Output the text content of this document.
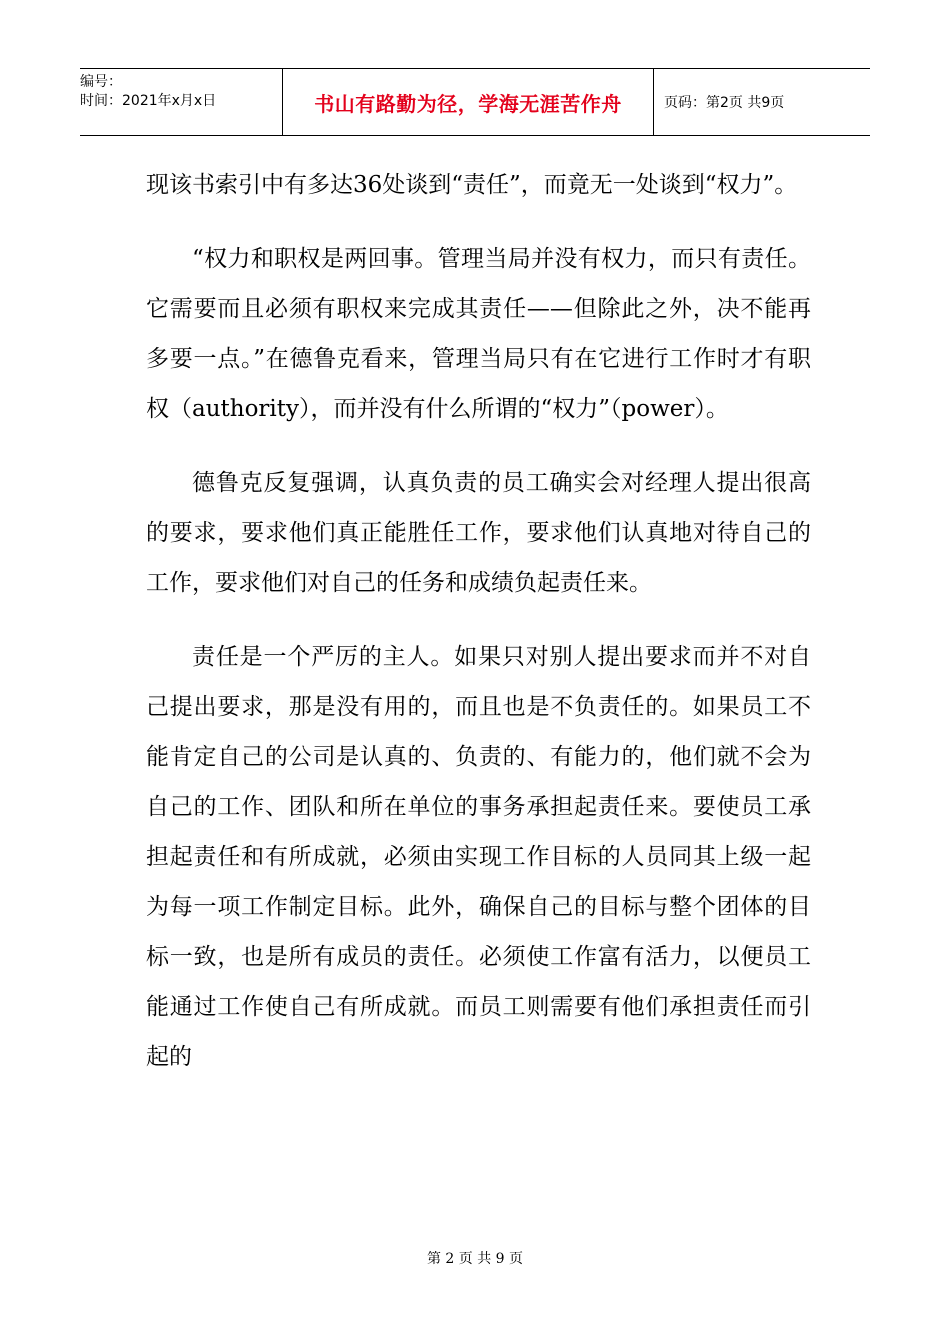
编号：
时间：2021年x月x日	书山有路勤为径，学海无涯苦作舟	页码：第2页 共9页

现该书索引中有多达36处谈到“责任”，而竟无一处谈到“权力”。

“权力和职权是两回事。管理当局并没有权力，而只有责任。它需要而且必须有职权来完成其责任——但除此之外，决不能再多要一点。”在德鲁克看来，管理当局只有在它进行工作时才有职权（authority），而并没有什么所谓的“权力”（power）。

德鲁克反复强调，认真负责的员工确实会对经理人提出很高的要求，要求他们真正能胜任工作，要求他们认真地对待自己的工作，要求他们对自己的任务和成绩负起责任来。

责任是一个严厉的主人。如果只对别人提出要求而并不对自己提出要求，那是没有用的，而且也是不负责任的。如果员工不能肯定自己的公司是认真的、负责的、有能力的，他们就不会为自己的工作、团队和所在单位的事务承担起责任来。要使员工承担起责任和有所成就，必须由实现工作目标的人员同其上级一起为每一项工作制定目标。此外，确保自己的目标与整个团体的目标一致，也是所有成员的责任。必须使工作富有活力，以便员工能通过工作使自己有所成就。而员工则需要有他们承担责任而引起的

第 2 页 共 9 页
